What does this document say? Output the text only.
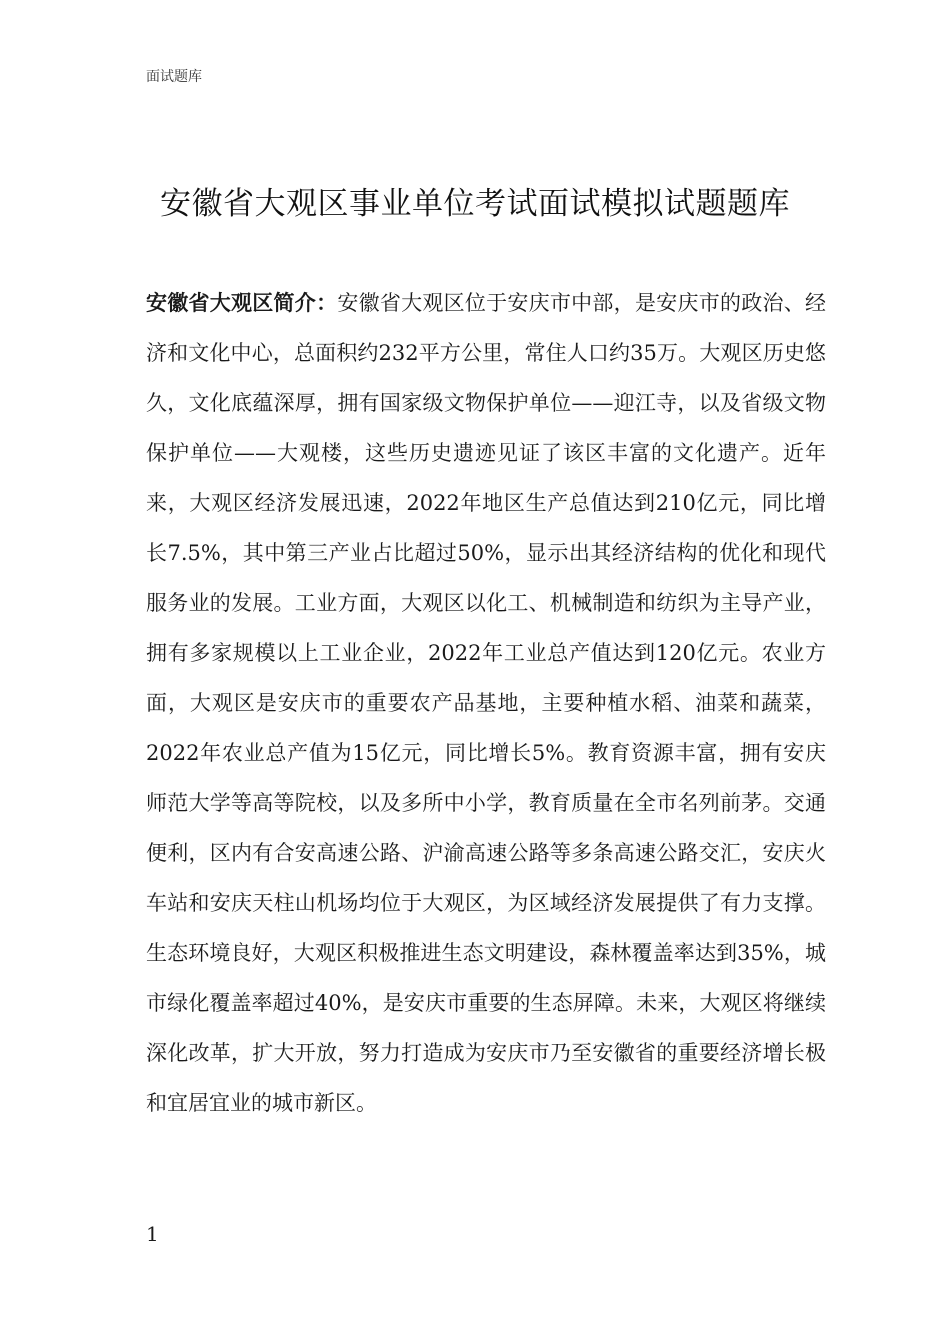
面试题库
安徽省大观区事业单位考试面试模拟试题题库

安徽省大观区简介：安徽省大观区位于安庆市中部，是安庆市的政治、经济和文化中心，总面积约232平方公里，常住人口约35万。大观区历史悠久，文化底蕴深厚，拥有国家级文物保护单位——迎江寺，以及省级文物保护单位——大观楼，这些历史遗迹见证了该区丰富的文化遗产。近年来，大观区经济发展迅速，2022年地区生产总值达到210亿元，同比增长7.5%，其中第三产业占比超过50%，显示出其经济结构的优化和现代服务业的发展。工业方面，大观区以化工、机械制造和纺织为主导产业，拥有多家规模以上工业企业，2022年工业总产值达到120亿元。农业方面，大观区是安庆市的重要农产品基地，主要种植水稻、油菜和蔬菜，2022年农业总产值为15亿元，同比增长5%。教育资源丰富，拥有安庆师范大学等高等院校，以及多所中小学，教育质量在全市名列前茅。交通便利，区内有合安高速公路、沪渝高速公路等多条高速公路交汇，安庆火车站和安庆天柱山机场均位于大观区，为区域经济发展提供了有力支撑。生态环境良好，大观区积极推进生态文明建设，森林覆盖率达到35%，城市绿化覆盖率超过40%，是安庆市重要的生态屏障。未来，大观区将继续深化改革，扩大开放，努力打造成为安庆市乃至安徽省的重要经济增长极和宜居宜业的城市新区。

1
